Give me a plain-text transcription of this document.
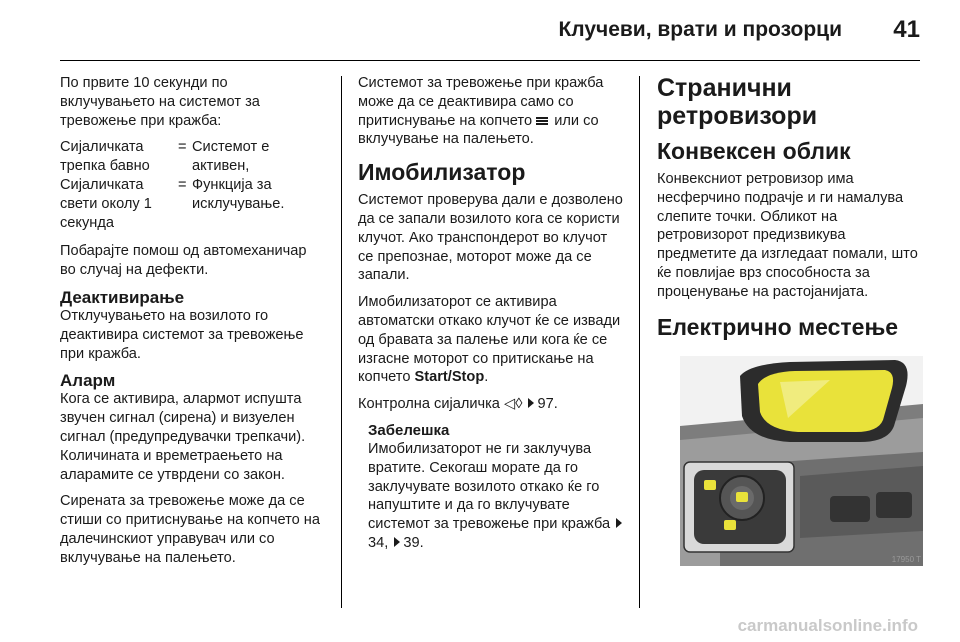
Клучеви, врати и прозорци 41

По првите 10 секунди по вклучувањето на системот за тревожење при кражба:

Сијаличката трепка бавно
= Системот е активен,
Сијаличката свети околу 1 секунда
= Функција за исклучување.

Побарајте помош од автомеханичар во случај на дефекти.

Деактивирање

Отклучувањето на возилото го деактивира системот за тревожење при кражба.

Аларм

Кога се активира, алармот испушта звучен сигнал (сирена) и визуелен сигнал (предупредувачки трепкачи). Количината и времетраењето на аларамите се утврдени со закон.

Сирената за тревожење може да се стиши со притиснување на копчето на далечинскиот управувач или со вклучување на палењето.

Системот за тревожење при кражба може да се деактивира само со притиснување на копчето или со вклучување на палењето.

Имобилизатор

Системот проверува дали е дозволено да се запали возилото кога се користи клучот. Ако транспондерот во клучот се препознае, моторот може да се запали.

Имобилизаторот се активира автоматски откако клучот ќе се извади од бравата за палење или кога ќе се изгасне моторот со притискање на копчето Start/Stop.

Контролна сијаличка ◁◊ 97.

Забелешка

Имобилизаторот не ги заклучува вратите. Секогаш морате да го заклучувате возилото откако ќе го напуштите и да го вклучувате системот за тревожење при кражба 34, 39.

Странични ретровизори
Конвексен облик

Конвексниот ретровизор има несферчино подрачје и ги намалува слепите точки. Обликот на ретровизорот предизвикува предметите да изгледаат помали, што ќе повлијае врз способноста за проценување на растојанијата.

Електрично местење
17950 T
carmanualsonline.info
